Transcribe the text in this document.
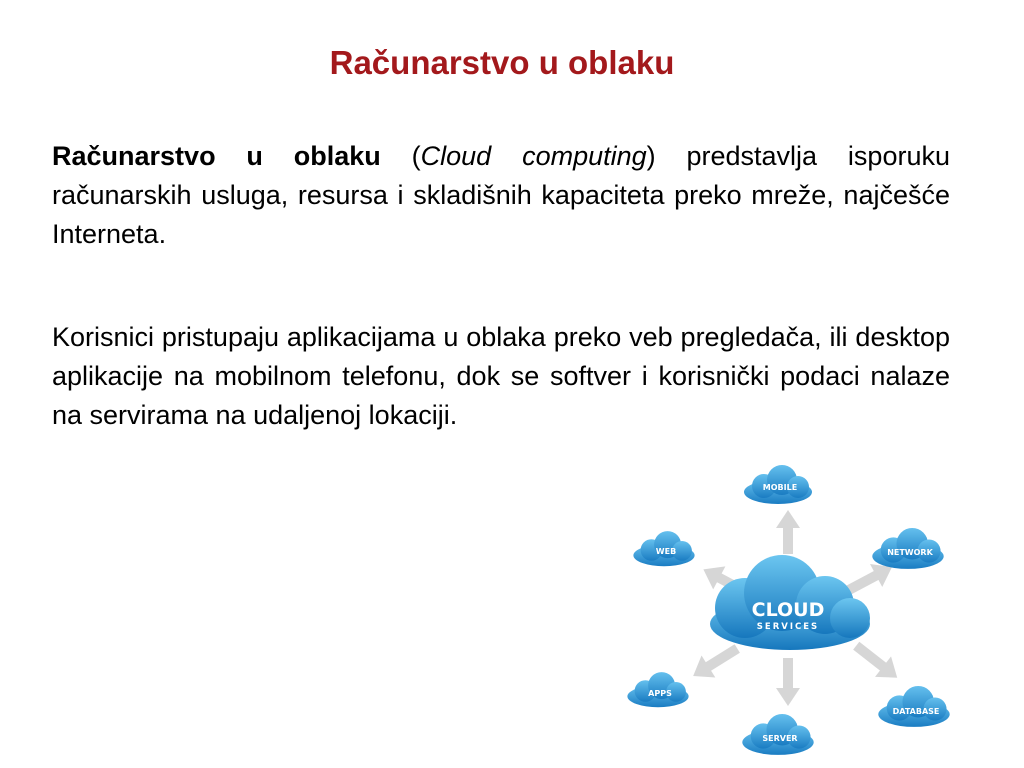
Računarstvo u oblaku

Računarstvo u oblaku (Cloud computing) predstavlja isporuku računarskih usluga, resursa i skladišnih kapaciteta preko mreže, najčešće Interneta.

Korisnici pristupaju aplikacijama u oblaka preko veb pregledača, ili desktop aplikacije na mobilnom telefonu, dok se softver i korisnički podaci nalaze na servirama na udaljenoj lokaciji.

CLOUD
SERVICES
MOBILE
WEB	NETWORK
APPS
DATABASE
SERVER
